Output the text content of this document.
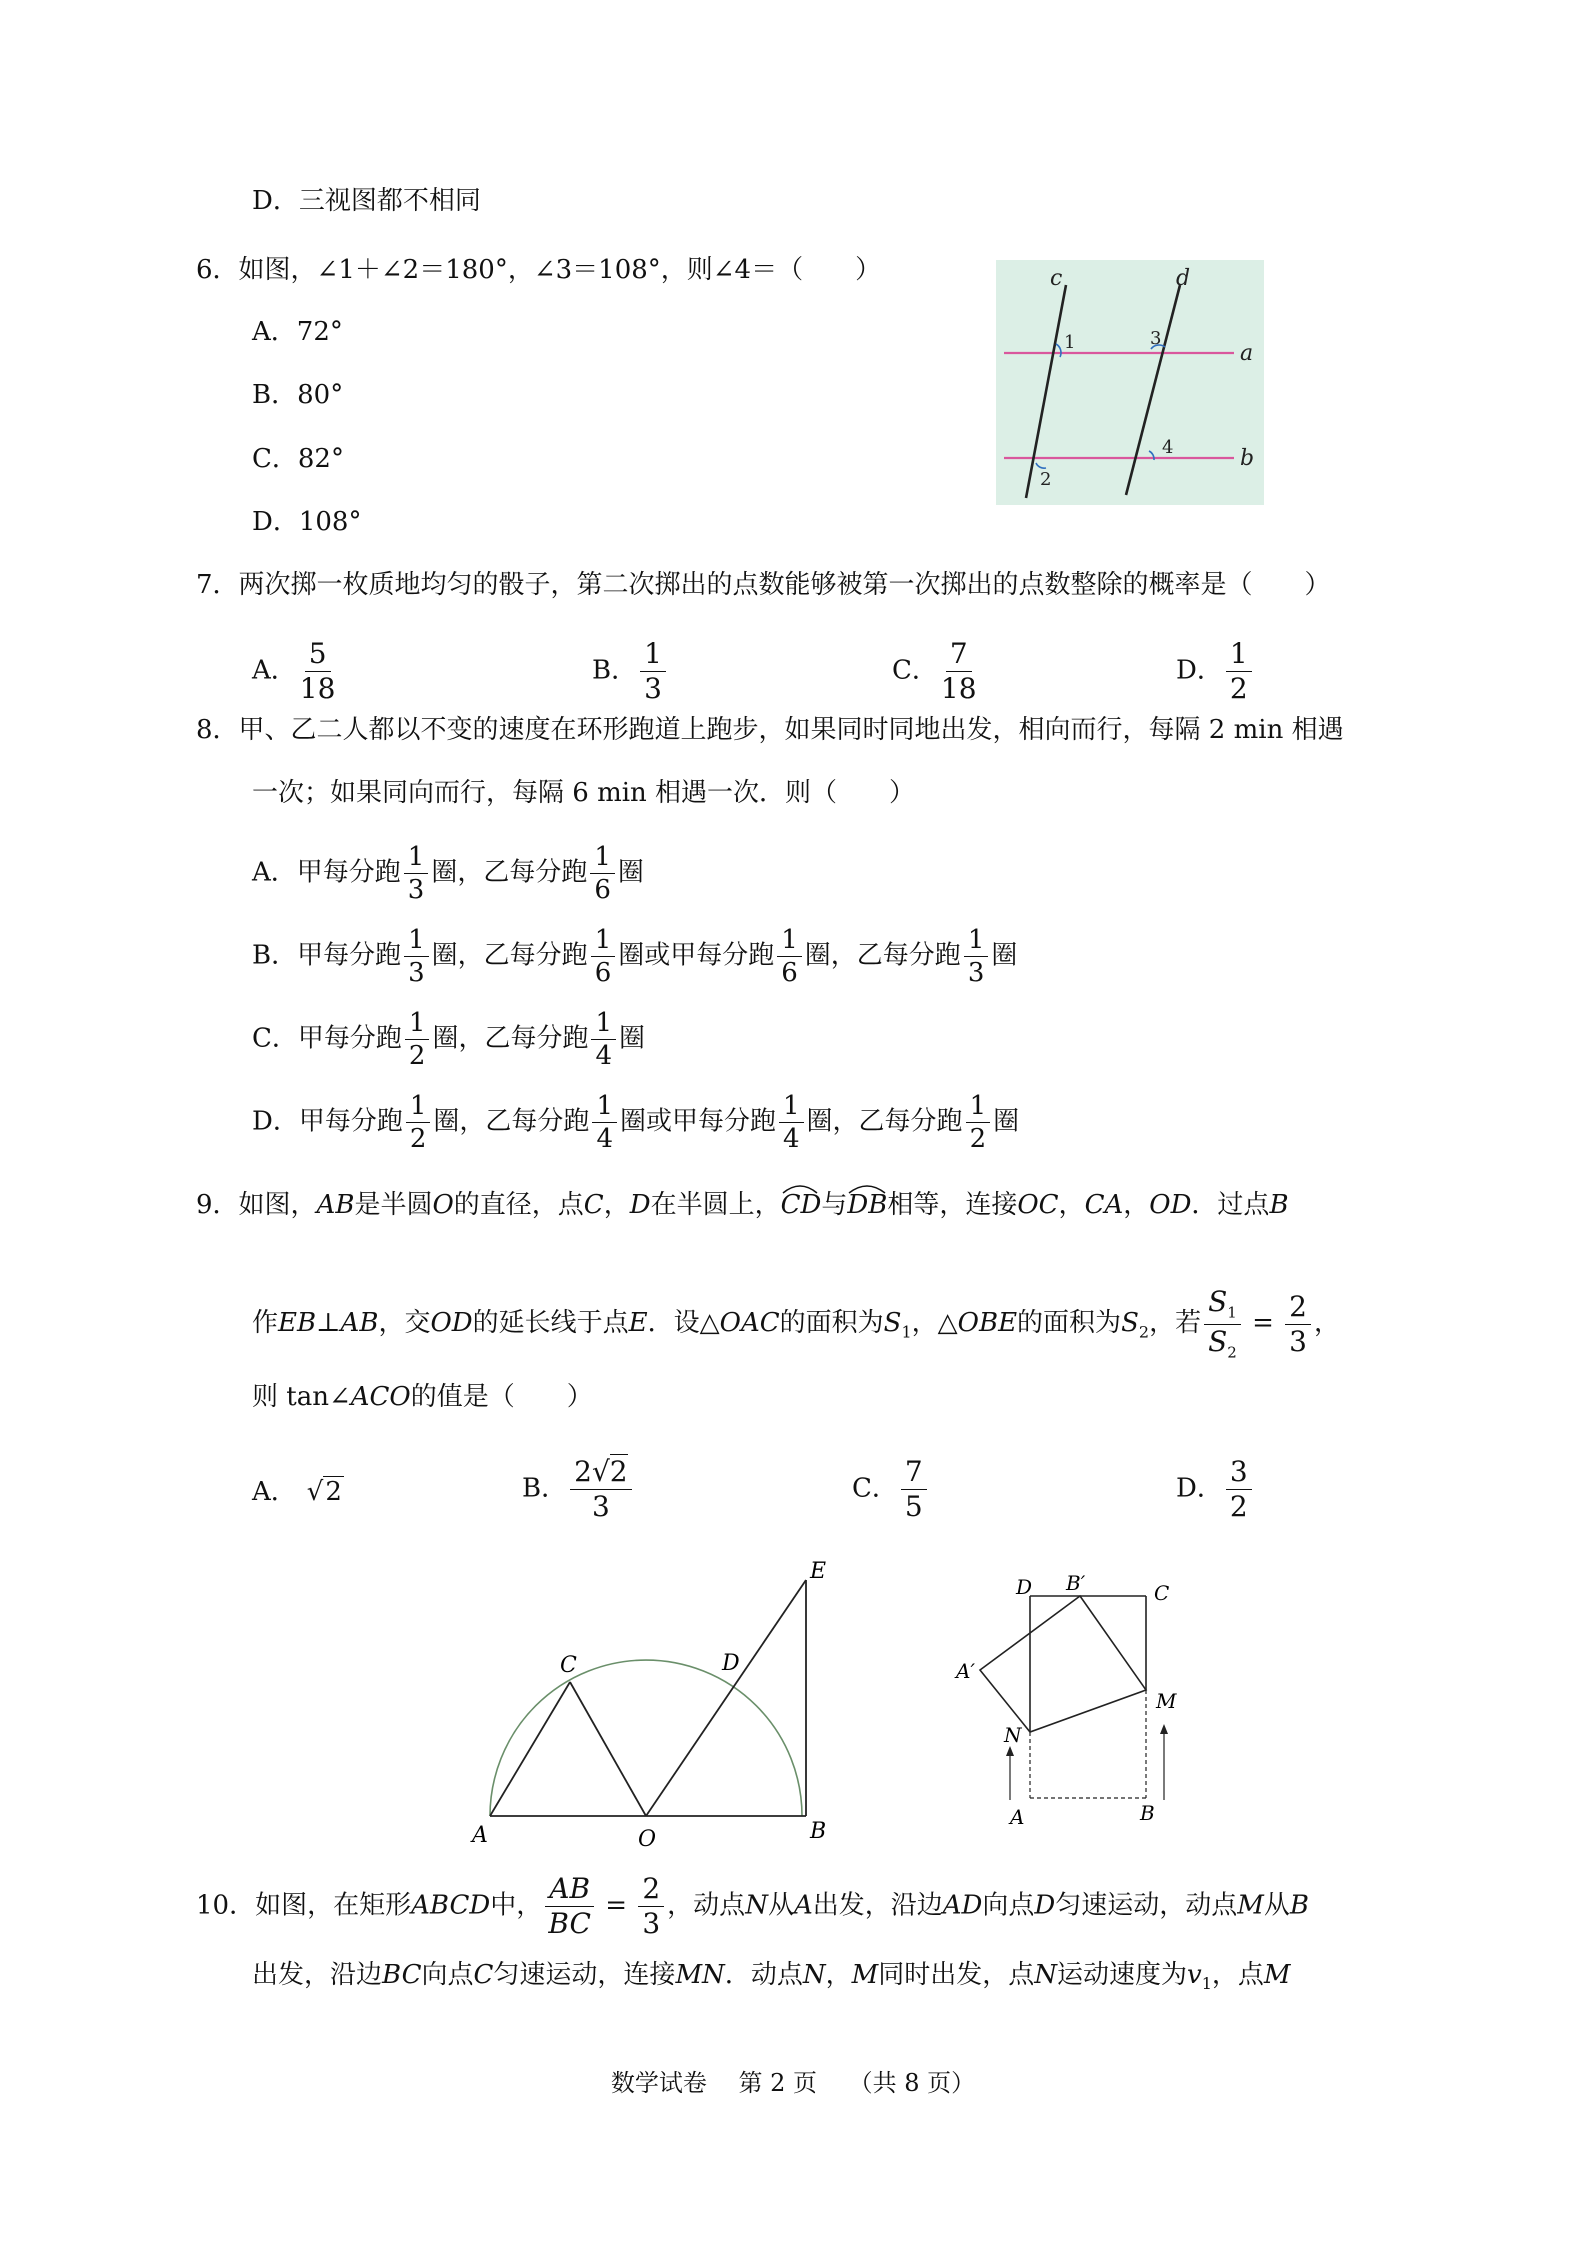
D．三视图都不相同
6．如图，∠1＋∠2＝180°，∠3＝108°，则∠4＝（　　）
A．72°
B．80°
C．82°
D．108°
c	d
a
b
1	3
4
2
7．两次掷一枚质地均匀的骰子，第二次掷出的点数能够被第一次掷出的点数整除的概率是（　　）
A． $\frac{5}{18}$	B． $\frac{1}{3}$	C． $\frac{7}{18}$	D． $\frac{1}{2}$
8．甲、乙二人都以不变的速度在环形跑道上跑步，如果同时同地出发，相向而行，每隔 2 min 相遇
一次；如果同向而行，每隔 6 min 相遇一次．则（　　）
A．甲每分跑 $\frac{1}{3}$ 圈，乙每分跑 $\frac{1}{6}$ 圈
B．甲每分跑 $\frac{1}{3}$ 圈，乙每分跑 $\frac{1}{6}$ 圈或甲每分跑 $\frac{1}{6}$ 圈，乙每分跑 $\frac{1}{3}$ 圈
C．甲每分跑 $\frac{1}{2}$ 圈，乙每分跑 $\frac{1}{4}$ 圈
D．甲每分跑 $\frac{1}{2}$ 圈，乙每分跑 $\frac{1}{4}$ 圈或甲每分跑 $\frac{1}{4}$ 圈，乙每分跑 $\frac{1}{2}$ 圈
9．如图，AB是半圆O的直径，点C，D在半圆上，
CD与
DB相等，连接OC，CA，OD．过点B
作EB⊥AB，交OD的延长线于点E．设△OAC的面积为$S_1$，△OBE的面积为$S_2$，若 $\frac{S_1}{S_2} = \frac{2}{3}$ ，
则 tan∠ACO的值是（　　）
A． √2	B． $\frac{2√2}{3}$	C． $\frac{7}{5}$	D． $\frac{3}{2}$
A	O	B
C	D
E
D B′	C
A′
M
N
A	B
10．如图，在矩形ABCD中， $\frac{AB}{BC} = \frac{2}{3}$ ，动点N从A出发，沿边AD向点D匀速运动，动点M从B
出发，沿边BC向点C匀速运动，连接MN．动点N，M同时出发，点N运动速度为$v_1$，点M
数学试卷　 第 2 页　 （共 8 页）
